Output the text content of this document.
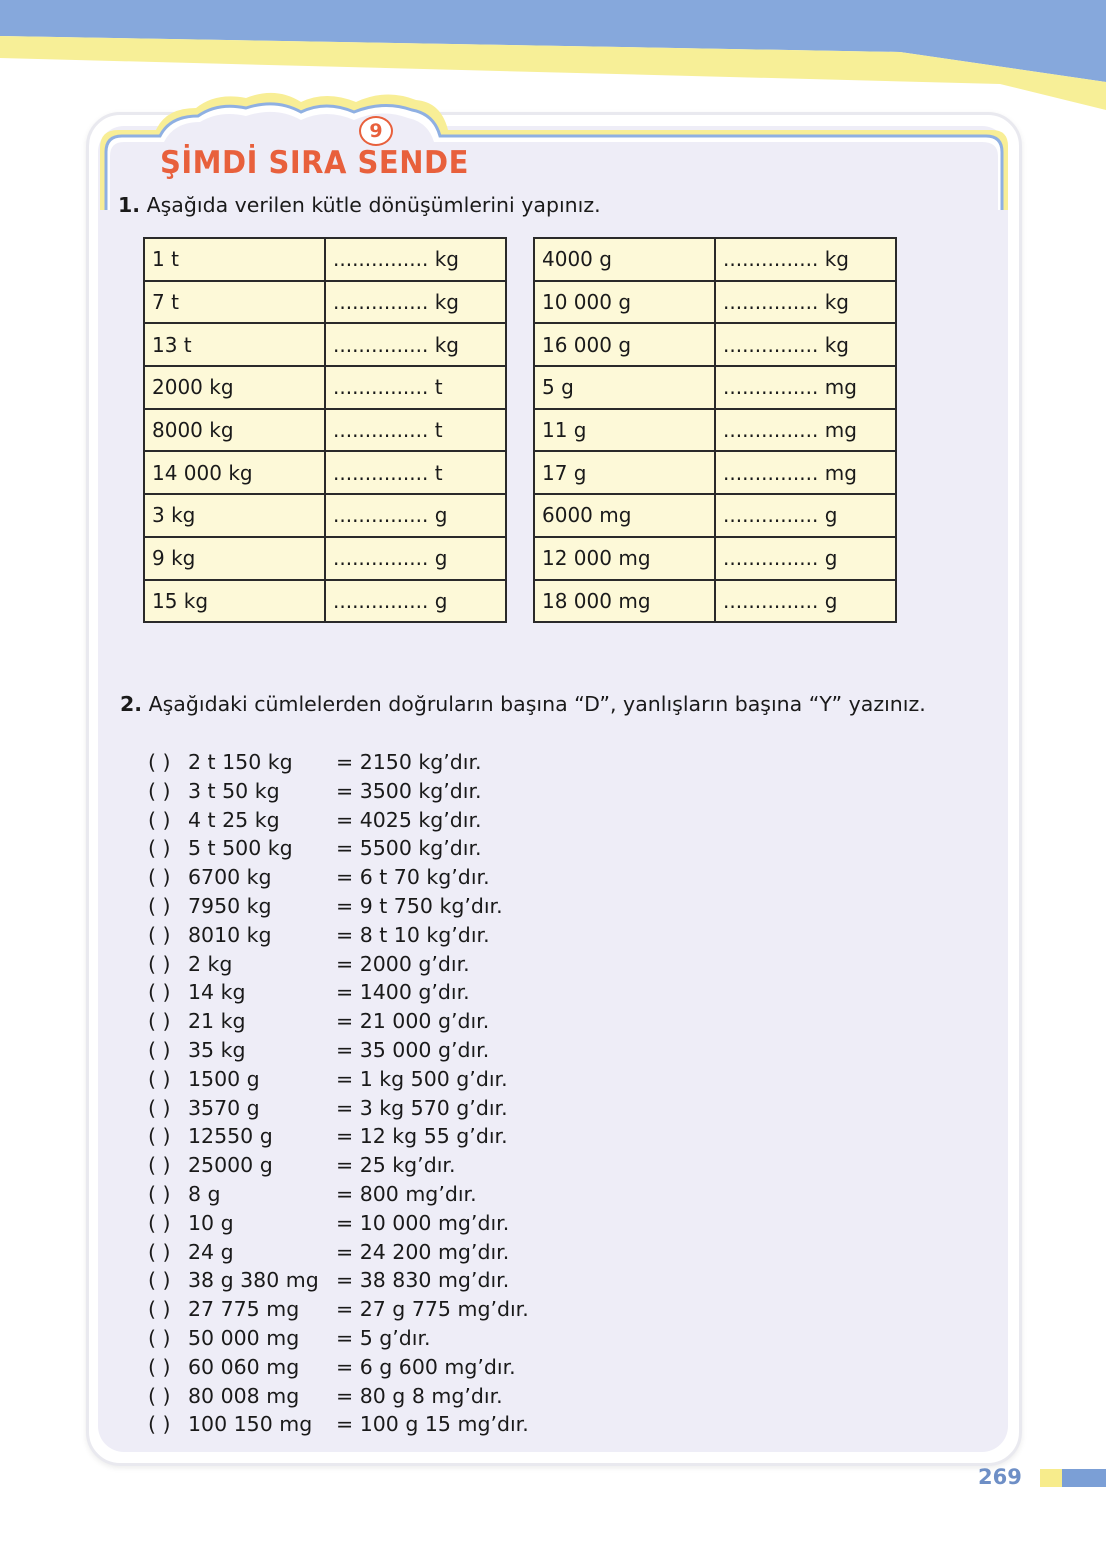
9
ŞİMDİ SIRA SENDE
1. Aşağıda verilen kütle dönüşümlerini yapınız.
1 t	............... kg
7 t	............... kg
13 t	............... kg
2000 kg	............... t
8000 kg	............... t
14 000 kg	............... t
3 kg	............... g
9 kg	............... g
15 kg	............... g
4000 g	............... kg
10 000 g	............... kg
16 000 g	............... kg
5 g	............... mg
11 g	............... mg
17 g	............... mg
6000 mg	............... g
12 000 mg	............... g
18 000 mg	............... g
2. Aşağıdaki cümlelerden doğruların başına “D”, yanlışların başına “Y” yazınız.
( ) 2 t 150 kg = 2150 kg’dır.
( ) 3 t 50 kg	= 3500 kg’dır.
( ) 4 t 25 kg	= 4025 kg’dır.
( ) 5 t 500 kg = 5500 kg’dır.
( ) 6700 kg	= 6 t 70 kg’dır.
( ) 7950 kg	= 9 t 750 kg’dır.
( ) 8010 kg	= 8 t 10 kg’dır.
( ) 2 kg	= 2000 g’dır.
( ) 14 kg	= 1400 g’dır.
( ) 21 kg	= 21 000 g’dır.
( ) 35 kg	= 35 000 g’dır.
( ) 1500 g	= 1 kg 500 g’dır.
( ) 3570 g	= 3 kg 570 g’dır.
( ) 12550 g	= 12 kg 55 g’dır.
( ) 25000 g	= 25 kg’dır.
( ) 8 g	= 800 mg’dır.
( ) 10 g	= 10 000 mg’dır.
( ) 24 g	= 24 200 mg’dır.
( ) 38 g 380 mg = 38 830 mg’dır.
( ) 27 775 mg = 27 g 775 mg’dır.
( ) 50 000 mg = 5 g’dır.
( ) 60 060 mg = 6 g 600 mg’dır.
( ) 80 008 mg = 80 g 8 mg’dır.
( ) 100 150 mg = 100 g 15 mg’dır.
269
